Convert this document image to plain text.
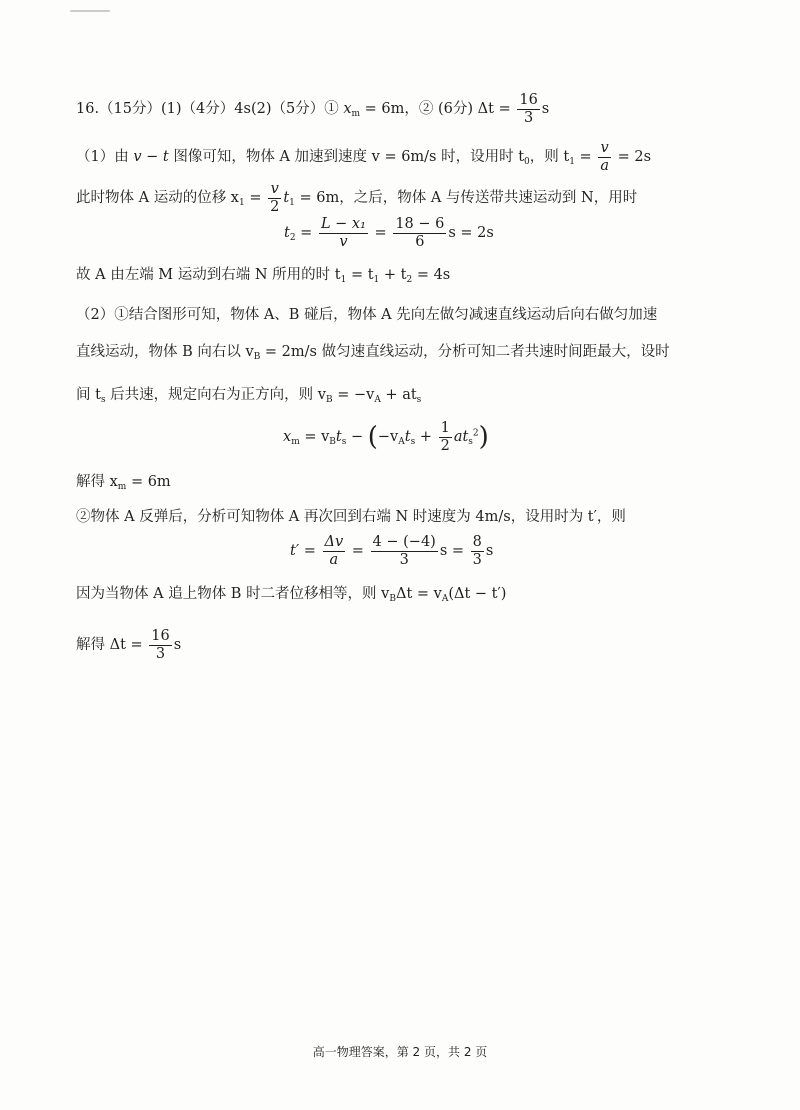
16.（15分）(1)（4分）4s(2)（5分）① $x_m = 6m$，② (6分) $\Delta t = \frac{16}{3}$ s
（1）由 v − t 图像可知，物体 A 加速到速度 v = 6m/s 时，设用时 $t_0$，则 $t_1 = \frac{v}{a} = 2s$
此时物体 A 运动的位移 $x_1 = \frac{v}{2} t_1 = 6m$，之后，物体 A 与传送带共速运动到 N，用时
$t_2 = \frac{\text{L − x₁}}{v} = \frac{18 - 6}{6}$ s = 2s
故 A 由左端 M 运动到右端 N 所用的时 $t_1 = t_1 + t_2 = 4s$
（2）①结合图形可知，物体 A、B 碰后，物体 A 先向左做匀减速直线运动后向右做匀加速
直线运动，物体 B 向右以 $v_B = 2m/s$ 做匀速直线运动，分析可知二者共速时间距最大，设时
间 $t_s$ 后共速，规定向右为正方向，则 $v_B = -v_A + at_s$
$x_m = v_Bt_s - (-v_At_s + \frac{1}{2} at_s^2)$
解得 $x_m = 6m$
②物体 A 反弹后，分析可知物体 A 再次回到右端 N 时速度为 4m/s，设用时为 t′，则
$t' = \frac{\Delta v}{a} = \frac{4 - (-4)}{3}$ $s = \frac{8}{3}$ s
因为当物体 A 追上物体 B 时二者位移相等，则 $v_B\Delta t = v_A(\Delta t - t')$
解得 $\Delta t = \frac{16}{3}$ s
高一物理答案，第 2 页，共 2 页
